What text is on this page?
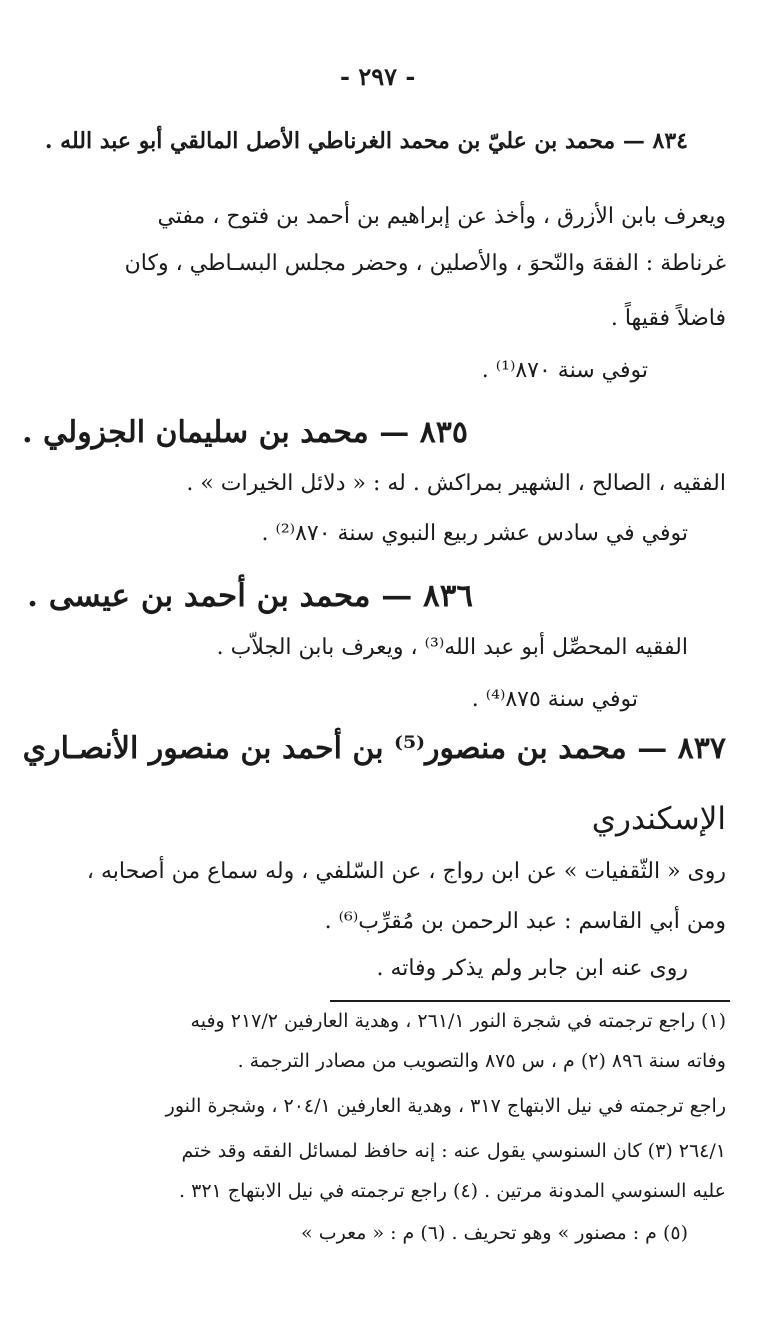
- ٢٩٧ -
٨٣٤ — محمد بن عليّ بن محمد الغرناطي الأصل المالقي أبو عبد الله .
ويعرف بابن الأزرق ، وأخذ عن إبراهيم بن أحمد بن فتوح ، مفتي
غرناطة : الفقهَ والنّحوَ ، والأصلين ، وحضر مجلس البسـاطي ، وكان
فاضلاً فقيهاً .
توفي سنة ٨٧٠⁽¹⁾ .
٨٣٥ — محمد بن سليمان الجزولي .
الفقيه ، الصالح ، الشهير بمراكش . له : « دلائل الخيرات » .
توفي في سادس عشر ربيع النبوي سنة ٨٧٠⁽²⁾ .
٨٣٦ — محمد بن أحمد بن عيسى .
الفقيه المحصِّل أبو عبد الله⁽³⁾ ، ويعرف بابن الجلاّب .
توفي سنة ٨٧٥⁽⁴⁾ .
٨٣٧ — محمد بن منصور⁽⁵⁾ بن أحمد بن منصور الأنصـاري
الإسكندري
روى « الثّقفيات » عن ابن رواج ، عن السّلفي ، وله سماع من أصحابه ،
ومن أبي القاسم : عبد الرحمن بن مُقرِّب⁽⁶⁾ .
روى عنه ابن جابر ولم يذكر وفاته .
(١) راجع ترجمته في شجرة النور ٢٦١/١ ، وهدية العارفين ٢١٧/٢ وفيه
وفاته سنة ٨٩٦ (٢) م ، س ٨٧٥ والتصويب من مصادر الترجمة .
راجع ترجمته في نيل الابتهاج ٣١٧ ، وهدية العارفين ٢٠٤/١ ، وشجرة النور
٢٦٤/١ (٣) كان السنوسي يقول عنه : إنه حافظ لمسائل الفقه وقد ختم
عليه السنوسي المدونة مرتين . (٤) راجع ترجمته في نيل الابتهاج ٣٢١ .
(٥) م : مصنور » وهو تحريف . (٦) م : « معرب »
